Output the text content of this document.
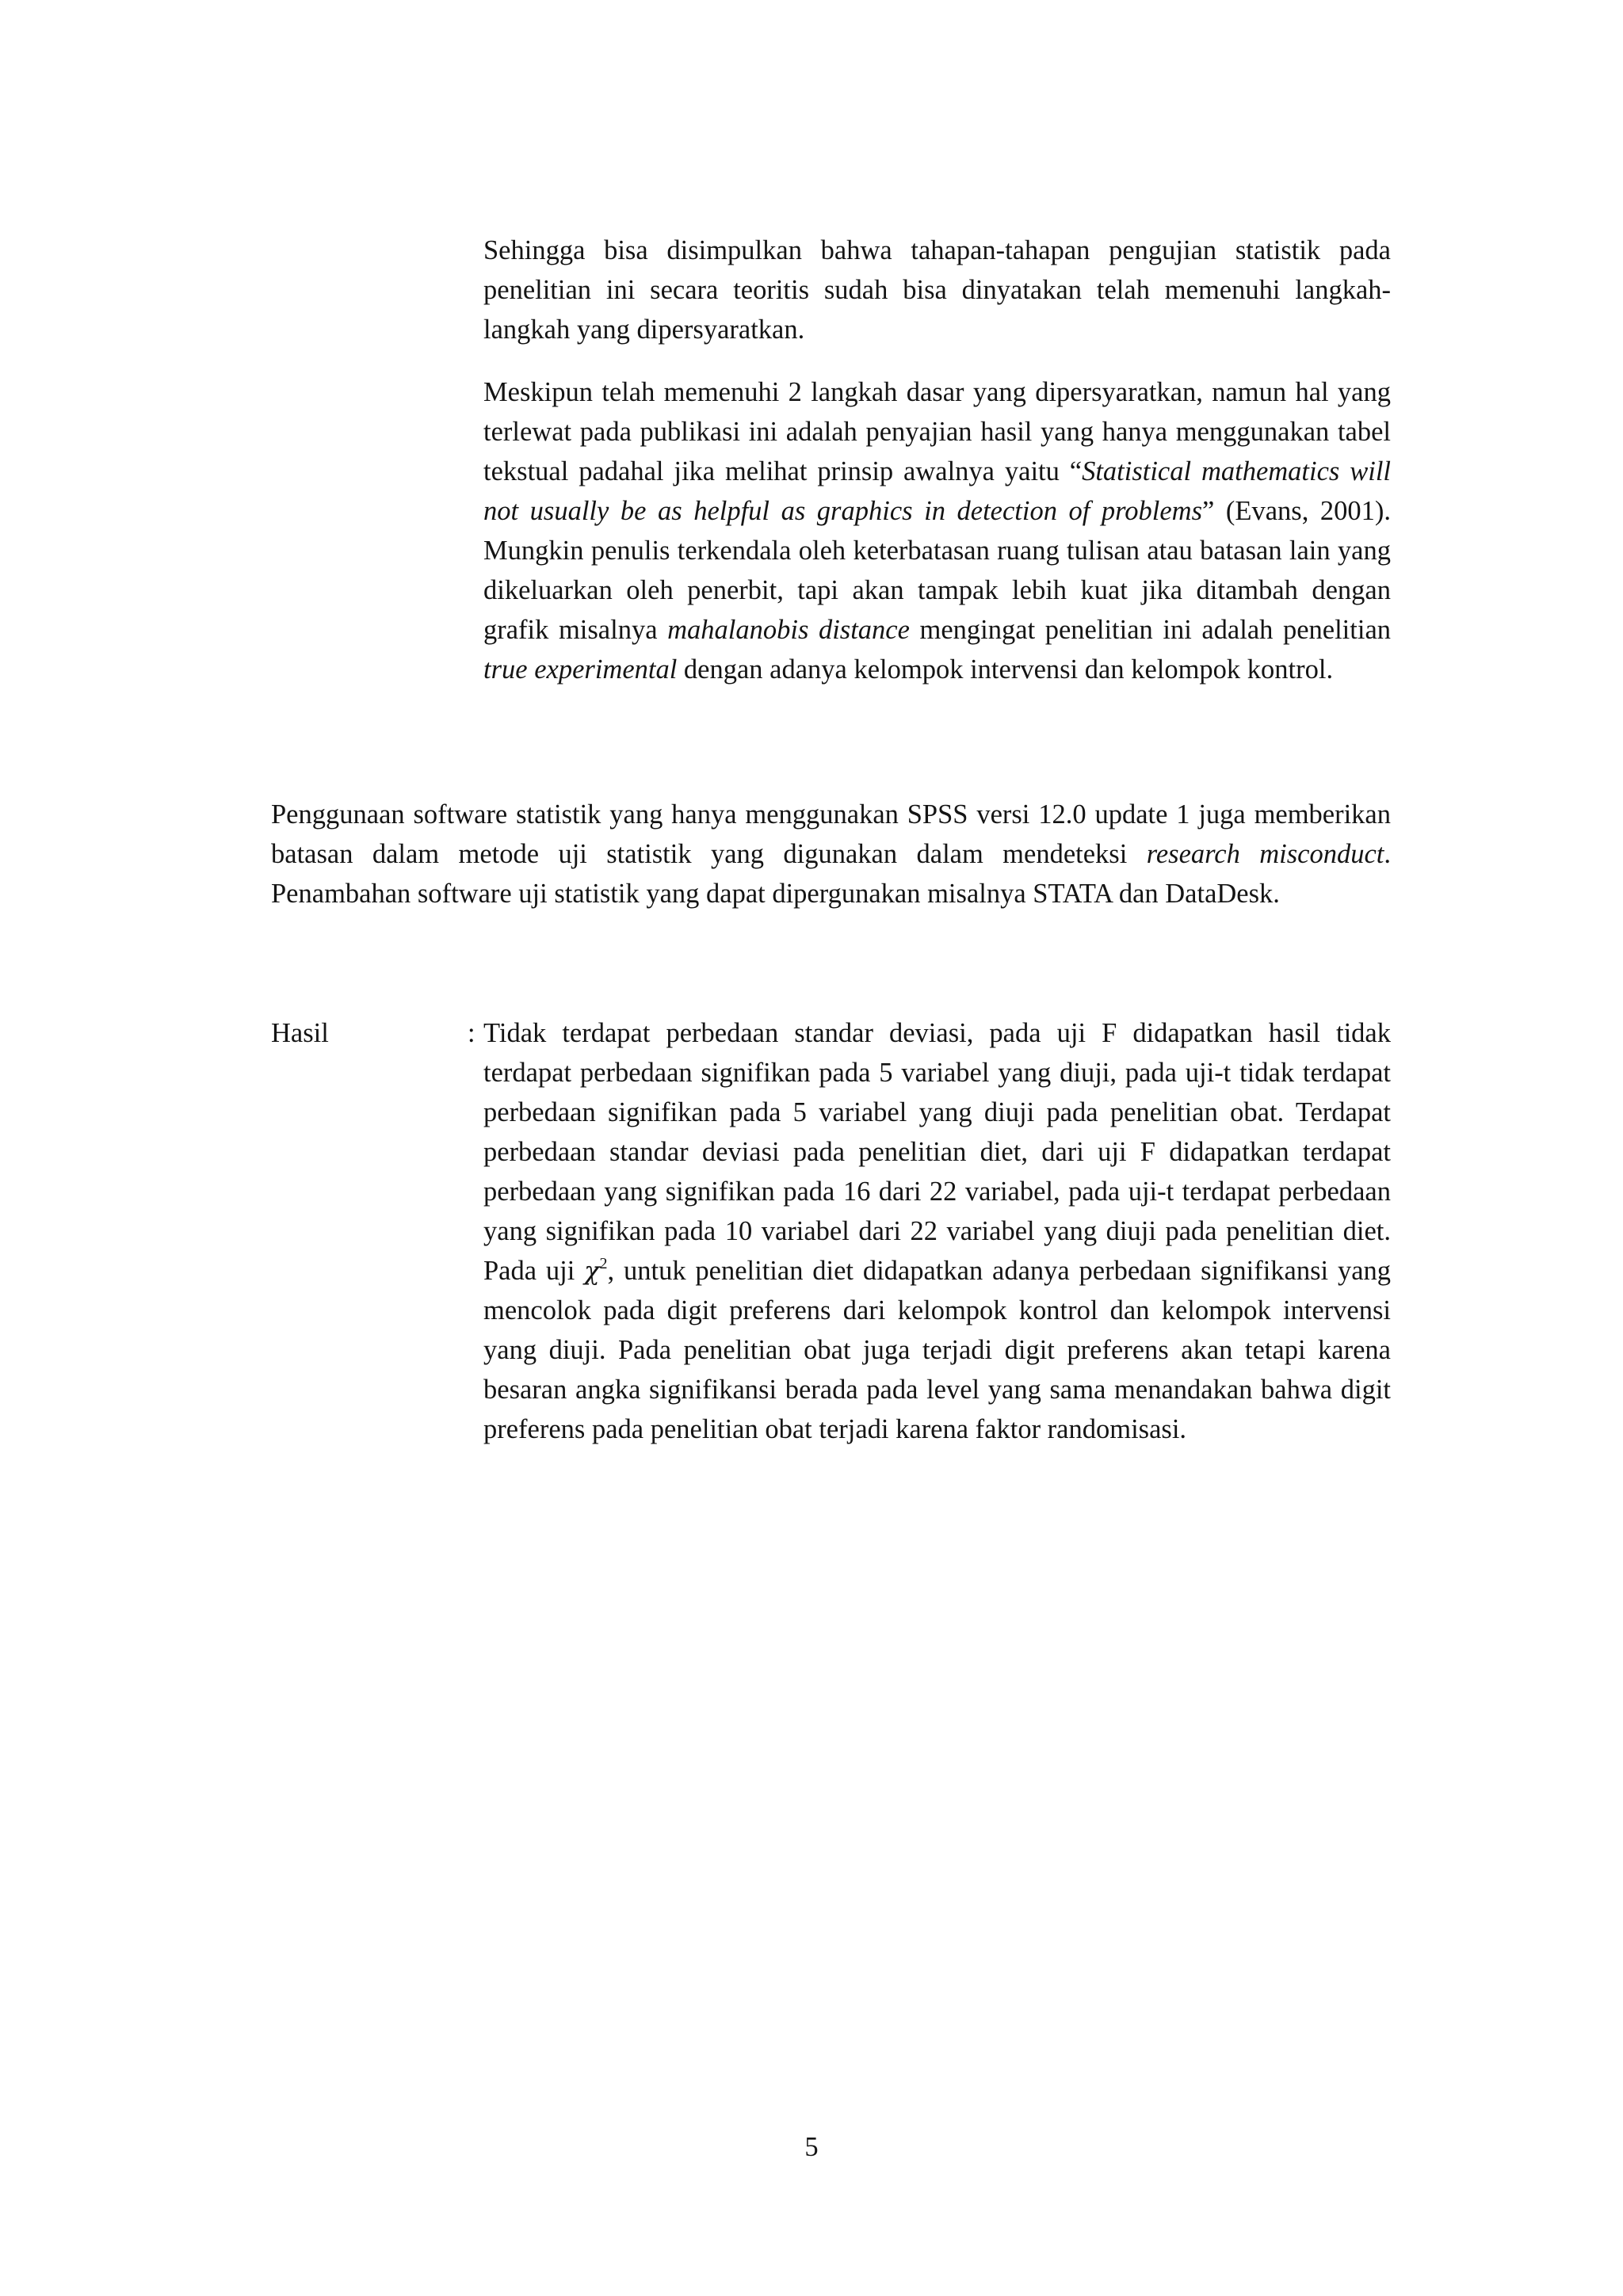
Sehingga bisa disimpulkan bahwa tahapan-tahapan pengujian statistik pada penelitian ini secara teoritis sudah bisa dinyatakan telah memenuhi langkah-langkah yang dipersyaratkan.

Meskipun telah memenuhi 2 langkah dasar yang dipersyaratkan, namun hal yang terlewat pada publikasi ini adalah penyajian hasil yang hanya menggunakan tabel tekstual padahal jika melihat prinsip awalnya yaitu “Statistical mathematics will not usually be as helpful as graphics in detection of problems” (Evans, 2001). Mungkin penulis terkendala oleh keterbatasan ruang tulisan atau batasan lain yang dikeluarkan oleh penerbit, tapi akan tampak lebih kuat jika ditambah dengan grafik misalnya mahalanobis distance mengingat penelitian ini adalah penelitian true experimental dengan adanya kelompok intervensi dan kelompok kontrol.

Penggunaan software statistik yang hanya menggunakan SPSS versi 12.0 update 1 juga memberikan batasan dalam metode uji statistik yang digunakan dalam mendeteksi research misconduct. Penambahan software uji statistik yang dapat dipergunakan misalnya STATA dan DataDesk.

Hasil	: Tidak terdapat perbedaan standar deviasi, pada uji F didapatkan hasil tidak terdapat perbedaan signifikan pada 5 variabel yang diuji, pada uji-t tidak terdapat perbedaan signifikan pada 5 variabel yang diuji pada penelitian obat. Terdapat perbedaan standar deviasi pada penelitian diet, dari uji F didapatkan terdapat perbedaan yang signifikan pada 16 dari 22 variabel, pada uji-t terdapat perbedaan yang signifikan pada 10 variabel dari 22 variabel yang diuji pada penelitian diet. Pada uji $\chi^2$, untuk penelitian diet didapatkan adanya perbedaan signifikansi yang mencolok pada digit preferens dari kelompok kontrol dan kelompok intervensi yang diuji. Pada penelitian obat juga terjadi digit preferens akan tetapi karena besaran angka signifikansi berada pada level yang sama menandakan bahwa digit preferens pada penelitian obat terjadi karena faktor randomisasi.

5
